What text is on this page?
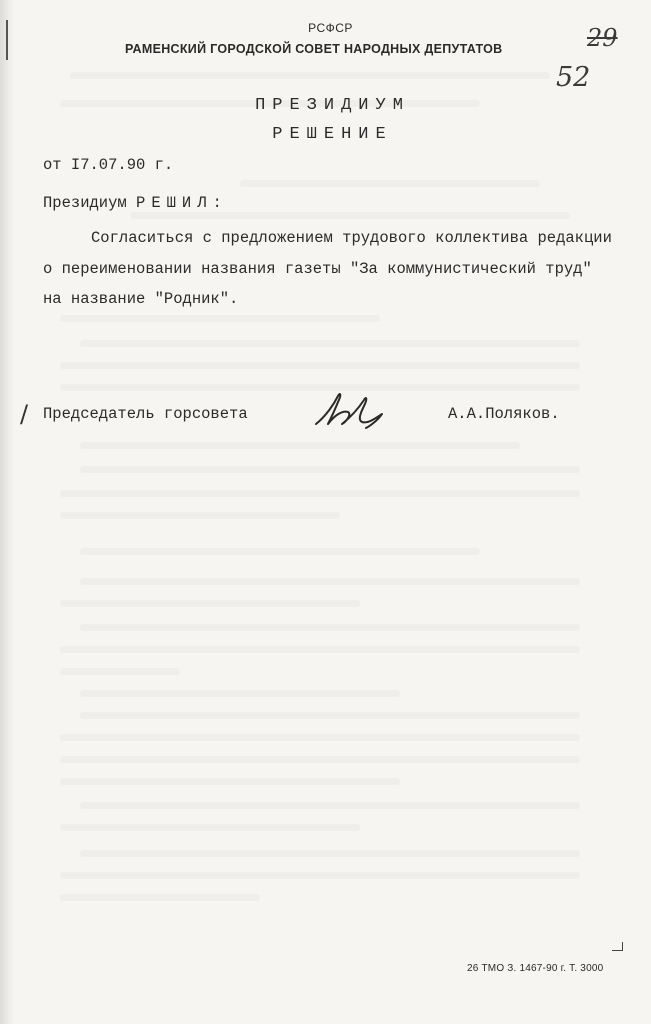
РСФСР
РАМЕНСКИЙ ГОРОДСКОЙ СОВЕТ НАРОДНЫХ ДЕПУТАТОВ	29
52
ПРЕЗИДИУМ
РЕШЕНИЕ
от I7.07.90 г.
Президиум РЕШИЛ:
Согласиться с предложением трудового коллектива редакции
о переименовании названия газеты "За коммунистический труд"
на название "Родник".
/ Председатель горсовета	А.А.Поляков.
26 ТМО З. 1467-90 г. Т. 3000
